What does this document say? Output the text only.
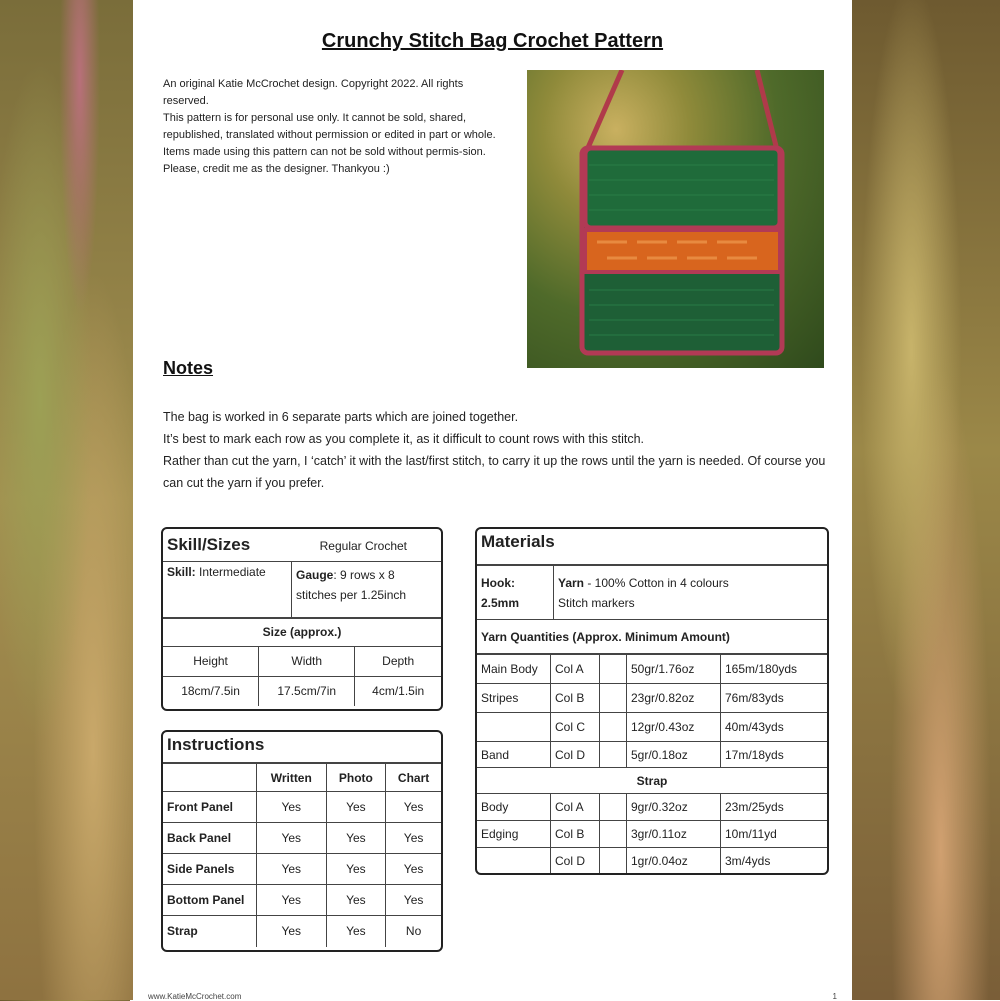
Crunchy Stitch Bag Crochet Pattern

An original Katie McCrochet design. Copyright 2022. All rights reserved.

This pattern is for personal use only. It cannot be sold, shared, republished, translated without permission or edited in part or whole.

Items made using this pattern can not be sold without permis-sion.

Please, credit me as the designer. Thankyou :)

Notes

The bag is worked in 6 separate parts which are joined together.

It’s best to mark each row as you complete it, as it difficult to count rows with this stitch.

Rather than cut the yarn, I ‘catch’ it with the last/first stitch, to carry it up the rows until the yarn is needed. Of course you can cut the yarn if you prefer.

Skill/Sizes	Regular Crochet

Skill: Intermediate	Gauge: 9 rows x 8 stitches per 1.25inch
Size (approx.)		
Height	Width	Depth
18cm/7.5in	17.5cm/7in	4cm/1.5in
Instructions
	Written	Photo	Chart
Front Panel	Yes	Yes	Yes
Back Panel	Yes	Yes	Yes
Side Panels	Yes	Yes	Yes
Bottom Panel	Yes	Yes	Yes
Strap	Yes	Yes	No
Materials
Hook:
2.5mm

Yarn - 100% Cotton in 4 colours
Stitch markers

Yarn Quantities (Approx. Minimum Amount)
Main Body	Col A		50gr/1.76oz	165m/180yds
Stripes	Col B		23gr/0.82oz	76m/83yds
	Col C		12gr/0.43oz	40m/43yds
Band	Col D		5gr/0.18oz	17m/18yds
Strap				
Body	Col A		9gr/0.32oz	23m/25yds
Edging	Col B		3gr/0.11oz	10m/11yd
	Col D		1gr/0.04oz	3m/4yds
www.KatieMcCrochet.com	1
